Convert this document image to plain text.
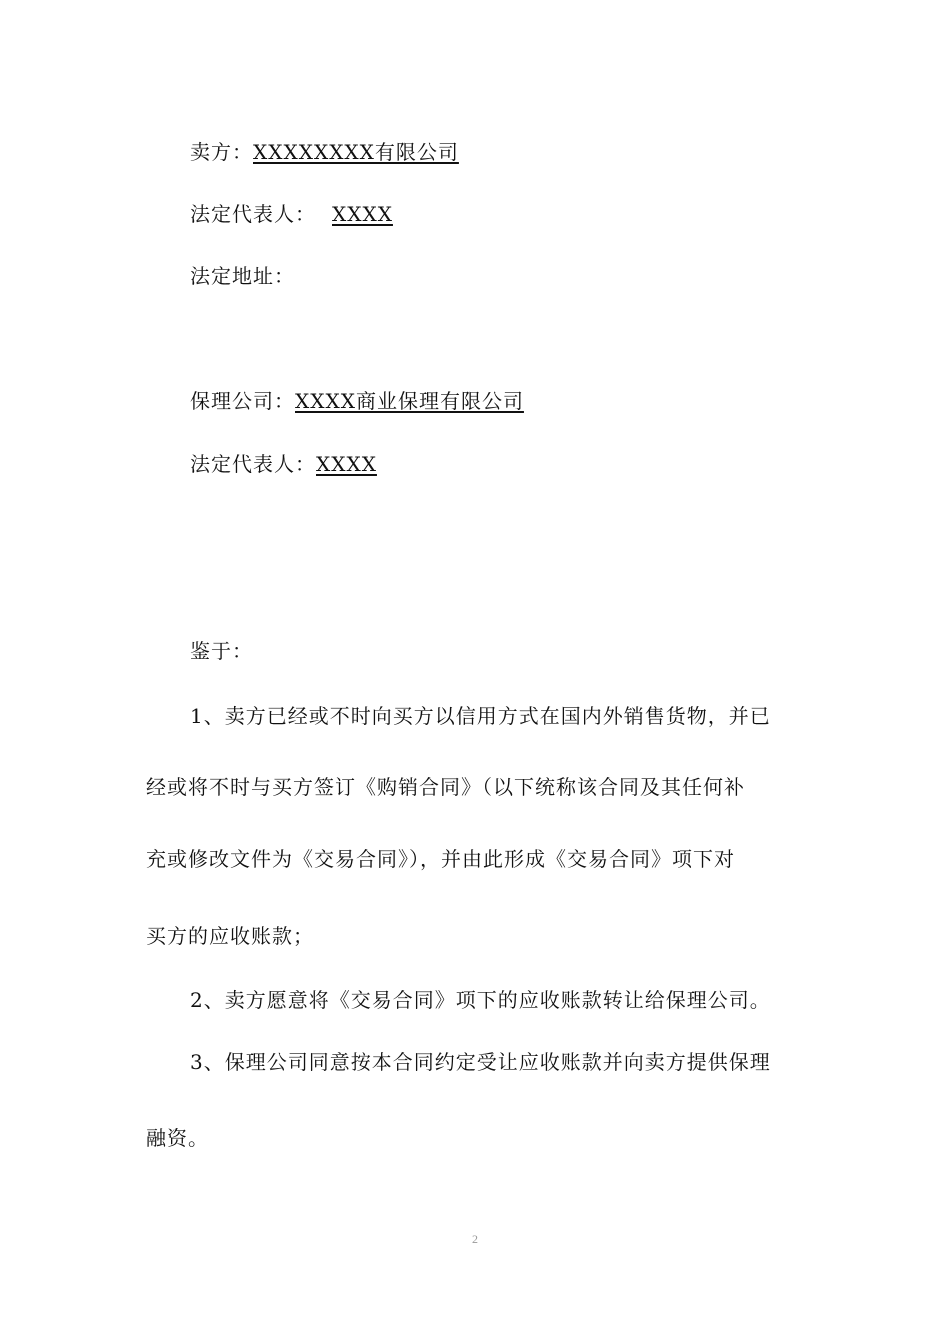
卖方：XXXXXXXX有限公司
法定代表人： XXXX
法定地址：
保理公司：XXXX商业保理有限公司
法定代表人：XXXX
鉴于：
1、卖方已经或不时向买方以信用方式在国内外销售货物，并已
经或将不时与买方签订《购销合同》（以下统称该合同及其任何补
充或修改文件为《交易合同》），并由此形成《交易合同》项下对
买方的应收账款；
2、卖方愿意将《交易合同》项下的应收账款转让给保理公司。
3、保理公司同意按本合同约定受让应收账款并向卖方提供保理
融资。
2
